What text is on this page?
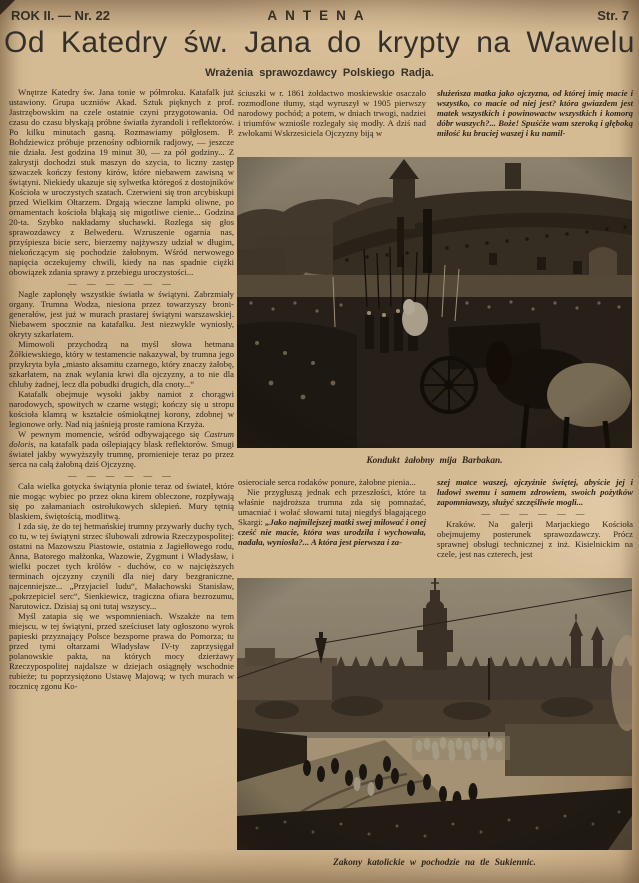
ROK II. — Nr. 22	ANTENA	Str. 7
Od Katedry św. Jana do krypty na Wawelu
Wrażenia sprawozdawcy Polskiego Radja.

Wnętrze Katedry św. Jana tonie w półmroku. Katafalk już ustawiony. Grupa uczniów Akad. Sztuk pięknych z prof. Jastrzębowskim na czele ostatnie czyni przygotowania. Od czasu do czasu błyskają próbne światła żyrandoli i reflektorów. Po kilku minutach gasną. Rozmawiamy półgłosem. P. Bohdziewicz próbuje przenośny odbiornik radjowy, — jeszcze nie działa. Jest godzina 19 minut 30, — za pół godziny... Z zakrystji dochodzi stuk maszyn do szycia, to liczny zastęp szwaczek kończy festony kirów, które niebawem zawisną w świątyni. Niekiedy ukazuje się sylwetka któregoś z dostojników Kościoła w uroczystych szatach. Czerwieni się tron arcybiskupi przed Wielkim Ołtarzem. Drgają wieczne lampki oliwne, po ornamentach kościoła błąkają się migotliwe cienie... Godzina 20-ta. Szybko nakładamy słuchawki. Rozlega się głos sprawozdawcy z Belwederu. Wzruszenie ogarnia nas, przyśpiesza bicie serc, bierzemy najżywszy udział w długim, niekończącym się pochodzie żałobnym. Wśród nerwowego napięcia oczekujemy chwili, kiedy na nas spadnie ciężki obowiązek zdania sprawy z przebiegu uroczystości...

— — — — — —

Nagle zapłonęły wszystkie światła w świątyni. Zabrzmiały organy. Trumna Wodza, niesiona przez towarzyszy broni-generałów, jest już w murach prastarej świątyni warszawskiej. Niebawem spocznie na katafalku. Jest niezwykle wyniosły, okryty szkarłatem.

Mimowoli przychodzą na myśl słowa hetmana Żółkiewskiego, który w testamencie nakazywał, by trumna jego przykryta była „miasto aksamitu czarnego, który znaczy żałobę, szkarłatem, na znak wylania krwi dla ojczyzny, a to nie dla chluby żadnej, lecz dla pobudki drugich, dla cnoty...“

Katafalk obejmuje wysoki jakby namiot z chorągwi narodowych, spowitych w czarne wstęgi; kończy się u stropu kościoła klamrą w kształcie ośmiokątnej korony, zdobnej w legionowe orły. Nad nią jaśnieją proste ramiona Krzyża.

W pewnym momencie, wśród odbywającego się Castrum doloris, na katafalk pada oślepiający blask reflektorów. Smugi świateł jakby wywyższyły trumnę, promienieje teraz po przez serca na całą żałobną dziś Ojczyznę.

— — — — — —

Cała wielka gotycka świątynia płonie teraz od świateł, które nie mogąc wybiec po przez okna kirem obleczone, rozpływają się po załamaniach ostrołukowych sklepień. Mury tętnią blaskiem, świętością, modlitwą.

I zda się, że do tej hetmańskiej trumny przywarły duchy tych, co tu, w tej świątyni strzec ślubowali zdrowia Rzeczypospolitej: ostatni na Mazowszu Piastowie, ostatnia z Jagiełłowego rodu, Anna, Batorego małżonka, Wazowie, Zygmunt i Władysław, i wielki poczet tych królów - duchów, co w najcięższych terminach ojczyzny czynili dla niej dary bezgraniczne, najcenniejsze... „Przyjaciel ludu“, Małachowski Stanisław, „pokrzepiciel serc“, Sienkiewicz, tragiczna ofiara bezrozumu, Narutowicz. Dzisiaj są oni tutaj wszyscy...

Myśl zatapia się we wspomnieniach. Wszakże na tem miejscu, w tej świątyni, przed sześciuset laty ogłoszono wyrok papieski przyznający Polsce bezsporne prawa do Pomorza; tu przed tymi ołtarzami Władysław IV-ty zaprzysięgał polanowskie pakta, na których mocy dzierżawy Rzeczypospolitej najdalsze w dziejach osiągnęły wschodnie rubieże; tu poprzysiężono Ustawę Majową; w tych murach w rocznicę zgonu Ko-

ściuszki w r. 1861 żołdactwo moskiewskie osaczało rozmodlone tłumy, stąd wyruszył w 1905 pierwszy narodowy pochód; a potem, w dniach trwogi, nadziei i triumfów wzniośle rozlegały się modły. A dziś nad zwłokami Wskrzesiciela Ojczyzny biją w

służeńsza matka jako ojczyzna, od której imię macie i wszystko, co macie od niej jest? która gwiazdem jest matek wszystkich i powinowactw wszystkich i komorą dóbr waszych?... Boże! Spuśćże wam szeroką i głęboką miłość ku braciej waszej i ku namil-

Kondukt żałobny mija Barbakan.

osierociałe serca rodaków ponure, żałobne pienia...

Nie przygłuszą jednak ech przeszłości, które ta właśnie najdroższa trumna zda się pomnażać, umacniać i wołać słowami tutaj niegdyś błagającego Skargi: „Jako najmilejszej matki swej miłować i onej cześć nie macie, która was urodziła i wychowała, nadała, wyniosła?... A która jest pierwsza i za-

szej matce waszej, ojczyźnie świętej, abyście jej i ludowi swemu i samem zdrowiem, swoich pożytków zapomniawszy, służyć szczęśliwie mogli...

— — — — — —

Kraków. Na galerji Marjackiego Kościoła obejmujemy posterunek sprawozdawczy. Prócz sprawnej obsługi technicznej z inż. Kisielnickim na czele, jest nas czterech, jest

Zakony katolickie w pochodzie na tle Sukiennic.
